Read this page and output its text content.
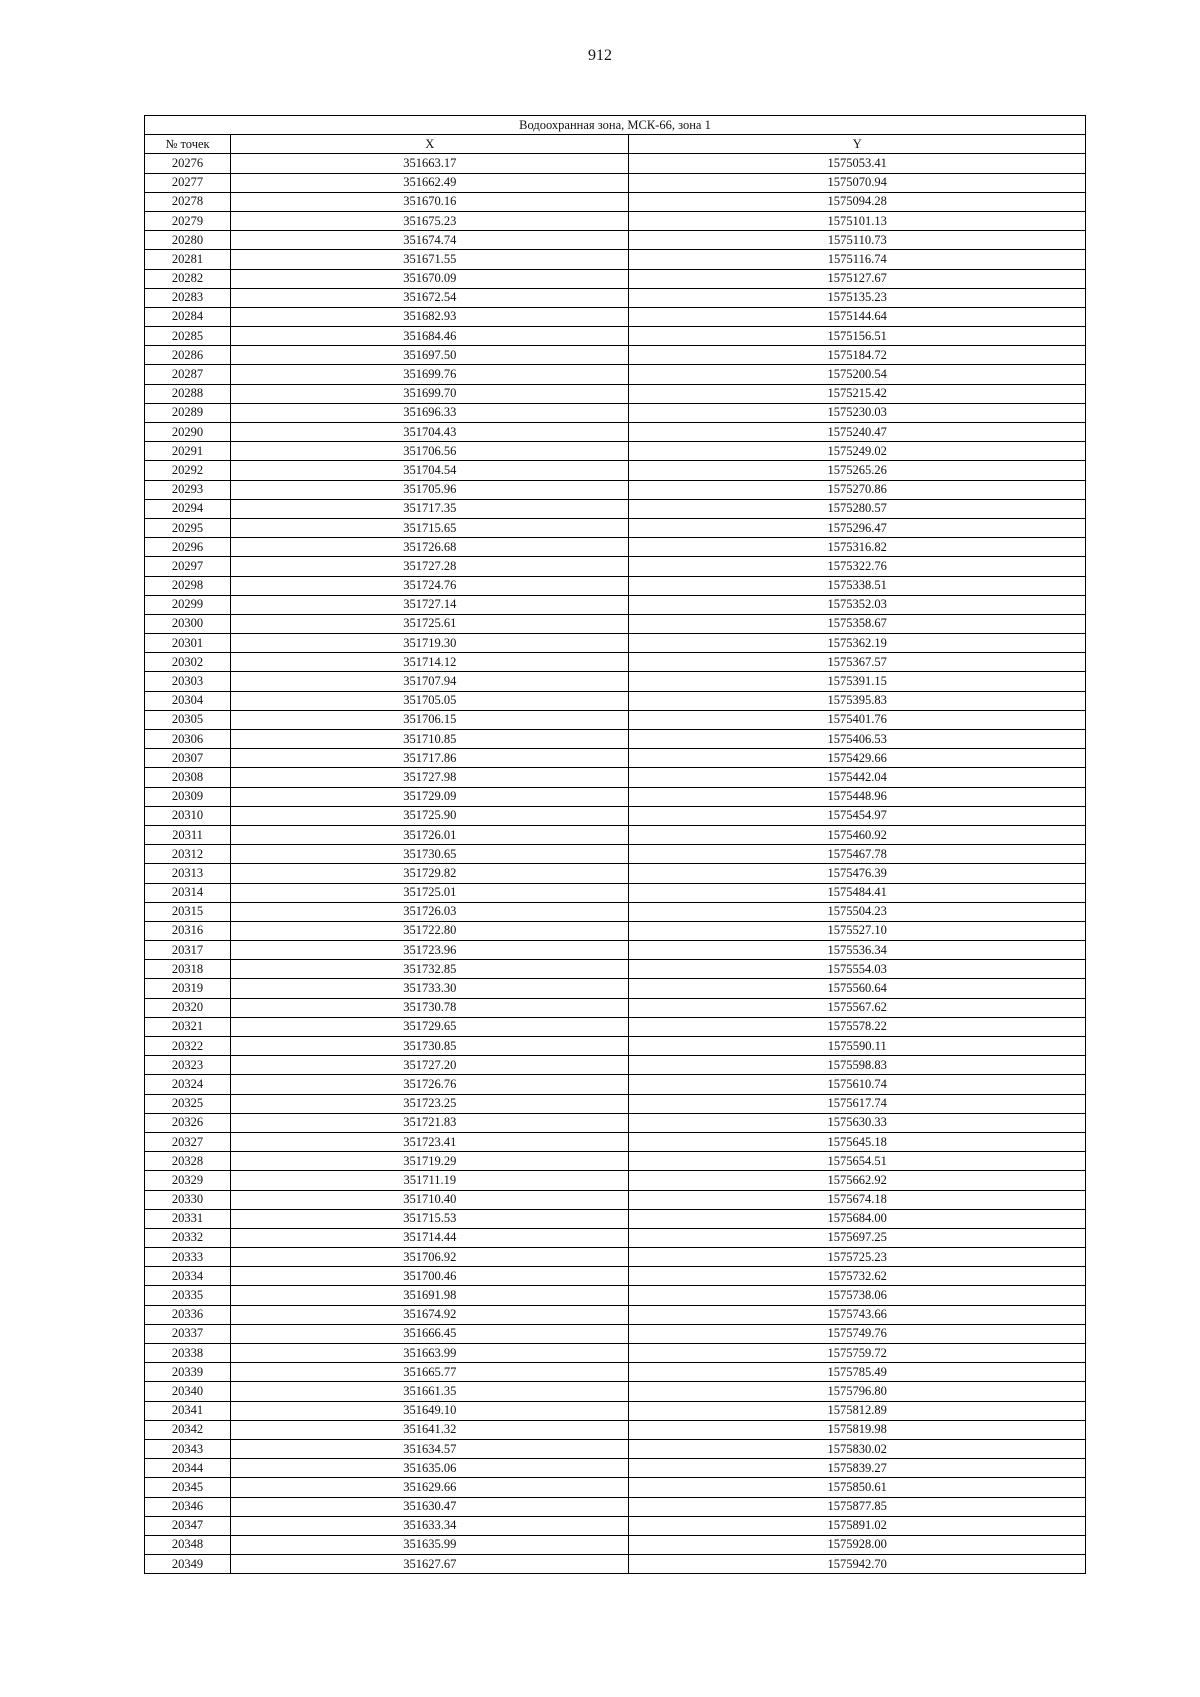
912
Водоохранная зона, МСК-66, зона 1		
№ точек	X	Y
20276	351663.17	1575053.41
20277	351662.49	1575070.94
20278	351670.16	1575094.28
20279	351675.23	1575101.13
20280	351674.74	1575110.73
20281	351671.55	1575116.74
20282	351670.09	1575127.67
20283	351672.54	1575135.23
20284	351682.93	1575144.64
20285	351684.46	1575156.51
20286	351697.50	1575184.72
20287	351699.76	1575200.54
20288	351699.70	1575215.42
20289	351696.33	1575230.03
20290	351704.43	1575240.47
20291	351706.56	1575249.02
20292	351704.54	1575265.26
20293	351705.96	1575270.86
20294	351717.35	1575280.57
20295	351715.65	1575296.47
20296	351726.68	1575316.82
20297	351727.28	1575322.76
20298	351724.76	1575338.51
20299	351727.14	1575352.03
20300	351725.61	1575358.67
20301	351719.30	1575362.19
20302	351714.12	1575367.57
20303	351707.94	1575391.15
20304	351705.05	1575395.83
20305	351706.15	1575401.76
20306	351710.85	1575406.53
20307	351717.86	1575429.66
20308	351727.98	1575442.04
20309	351729.09	1575448.96
20310	351725.90	1575454.97
20311	351726.01	1575460.92
20312	351730.65	1575467.78
20313	351729.82	1575476.39
20314	351725.01	1575484.41
20315	351726.03	1575504.23
20316	351722.80	1575527.10
20317	351723.96	1575536.34
20318	351732.85	1575554.03
20319	351733.30	1575560.64
20320	351730.78	1575567.62
20321	351729.65	1575578.22
20322	351730.85	1575590.11
20323	351727.20	1575598.83
20324	351726.76	1575610.74
20325	351723.25	1575617.74
20326	351721.83	1575630.33
20327	351723.41	1575645.18
20328	351719.29	1575654.51
20329	351711.19	1575662.92
20330	351710.40	1575674.18
20331	351715.53	1575684.00
20332	351714.44	1575697.25
20333	351706.92	1575725.23
20334	351700.46	1575732.62
20335	351691.98	1575738.06
20336	351674.92	1575743.66
20337	351666.45	1575749.76
20338	351663.99	1575759.72
20339	351665.77	1575785.49
20340	351661.35	1575796.80
20341	351649.10	1575812.89
20342	351641.32	1575819.98
20343	351634.57	1575830.02
20344	351635.06	1575839.27
20345	351629.66	1575850.61
20346	351630.47	1575877.85
20347	351633.34	1575891.02
20348	351635.99	1575928.00
20349	351627.67	1575942.70
